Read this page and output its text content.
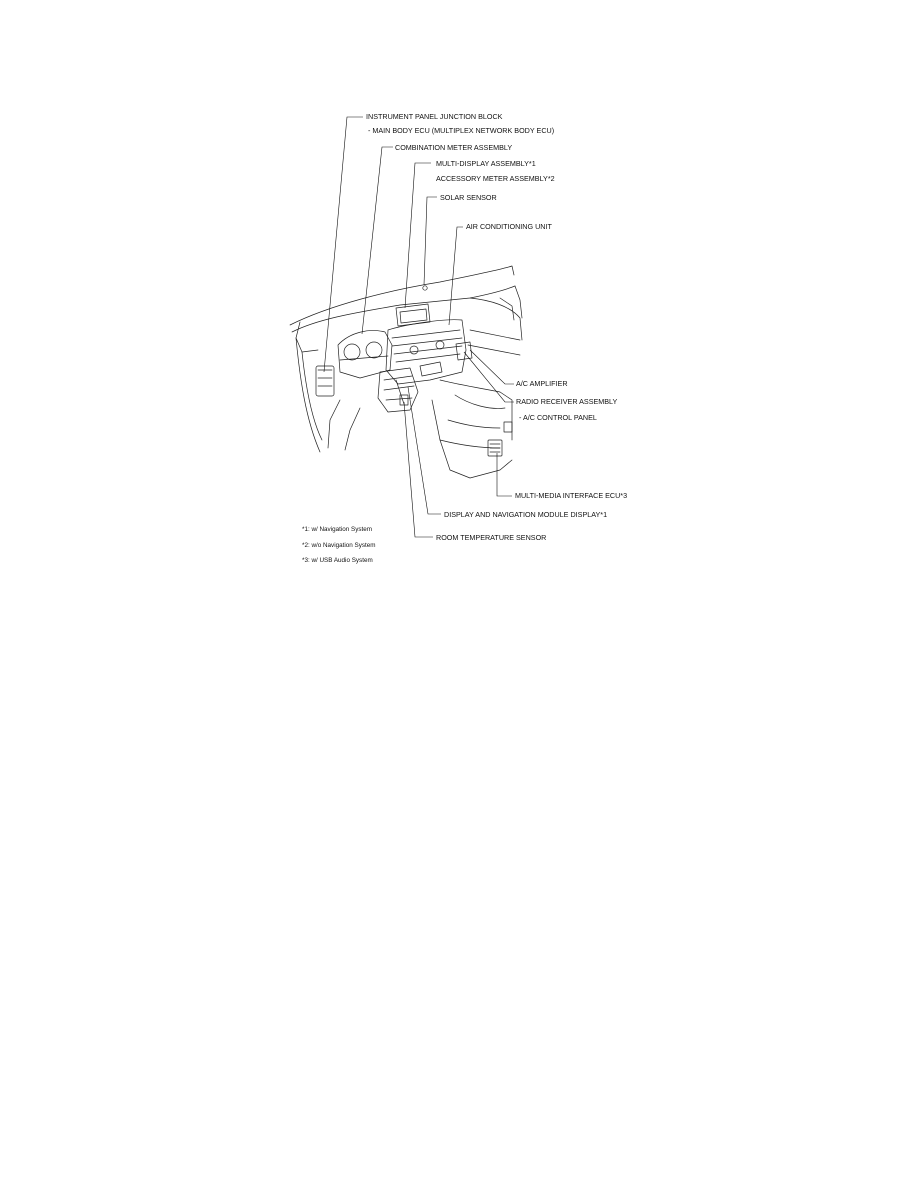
INSTRUMENT PANEL JUNCTION BLOCK
- MAIN BODY ECU (MULTIPLEX NETWORK BODY ECU)
COMBINATION METER ASSEMBLY
MULTI-DISPLAY ASSEMBLY*1
ACCESSORY METER ASSEMBLY*2
SOLAR SENSOR
AIR CONDITIONING UNIT
A/C AMPLIFIER
RADIO RECEIVER ASSEMBLY
- A/C CONTROL PANEL
MULTI-MEDIA INTERFACE ECU*3
DISPLAY AND NAVIGATION MODULE DISPLAY*1
ROOM TEMPERATURE SENSOR
*1: w/ Navigation System
*2: w/o Navigation System
*3: w/ USB Audio System
